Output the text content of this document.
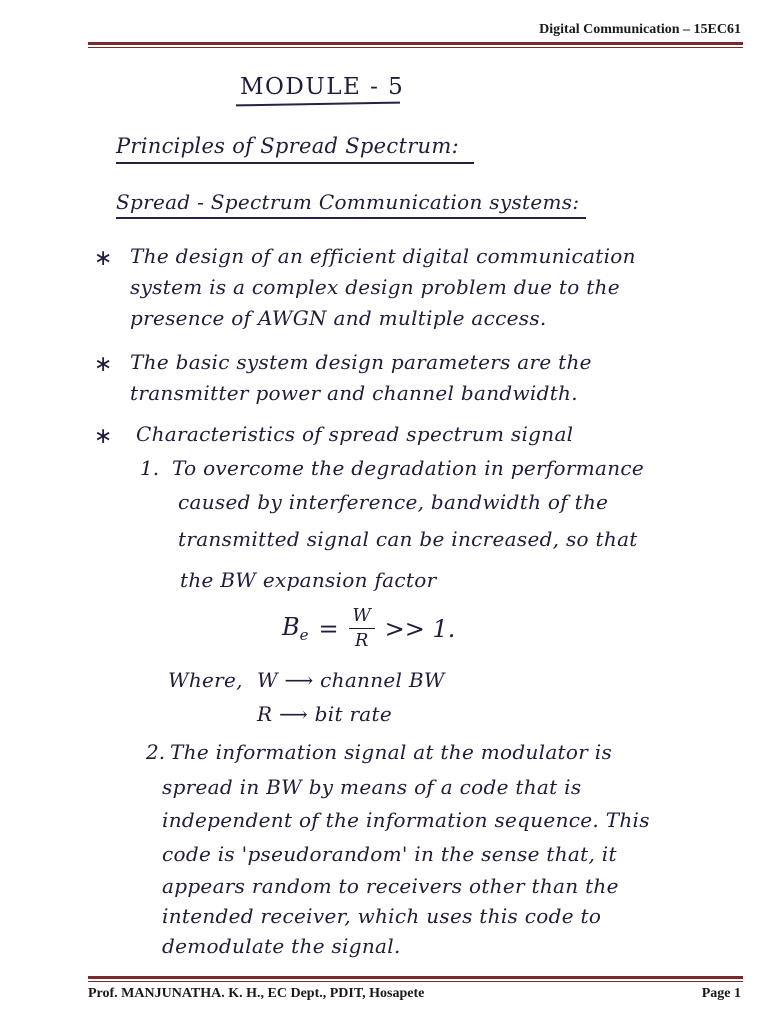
Digital Communication – 15EC61
MODULE - 5
Principles of Spread Spectrum:
Spread - Spectrum Communication systems:
∗ The design of an efficient digital communication
system is a complex design problem due to the
presence of AWGN and multiple access.
∗ The basic system design parameters are the
transmitter power and channel bandwidth.
∗ Characteristics of spread spectrum signal
1. To overcome the degradation in performance
caused by interference, bandwidth of the
transmitted signal can be increased, so that
the BW expansion factor
$B_e = \frac{W}{R} >> 1$.
Where, W ⟶ channel BW
R ⟶ bit rate
2. The information signal at the modulator is
spread in BW by means of a code that is
independent of the information sequence. This
code is 'pseudorandom' in the sense that, it
appears random to receivers other than the
intended receiver, which uses this code to
demodulate the signal.
Prof. MANJUNATHA. K. H., EC Dept., PDIT, Hosapete	Page 1
